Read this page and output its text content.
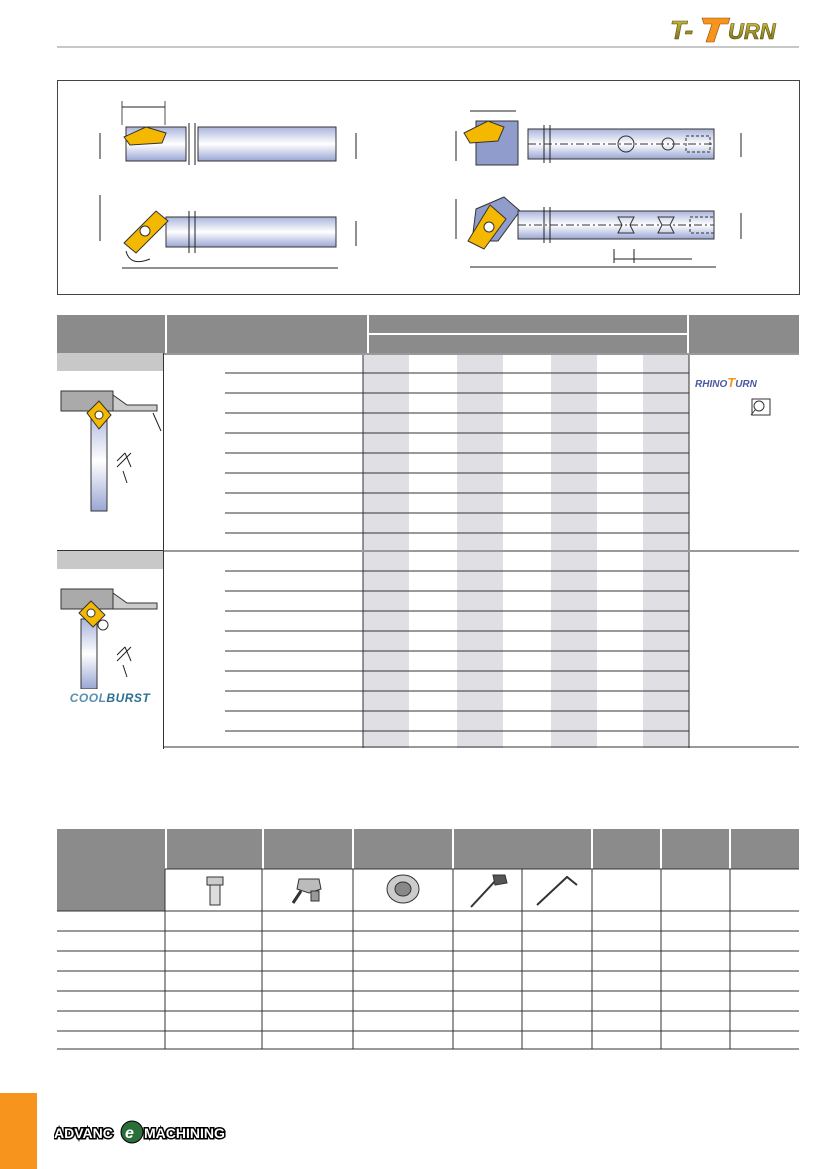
T- URN

RHINOTURN
COOLBURST
ADVANC e MACHINING
